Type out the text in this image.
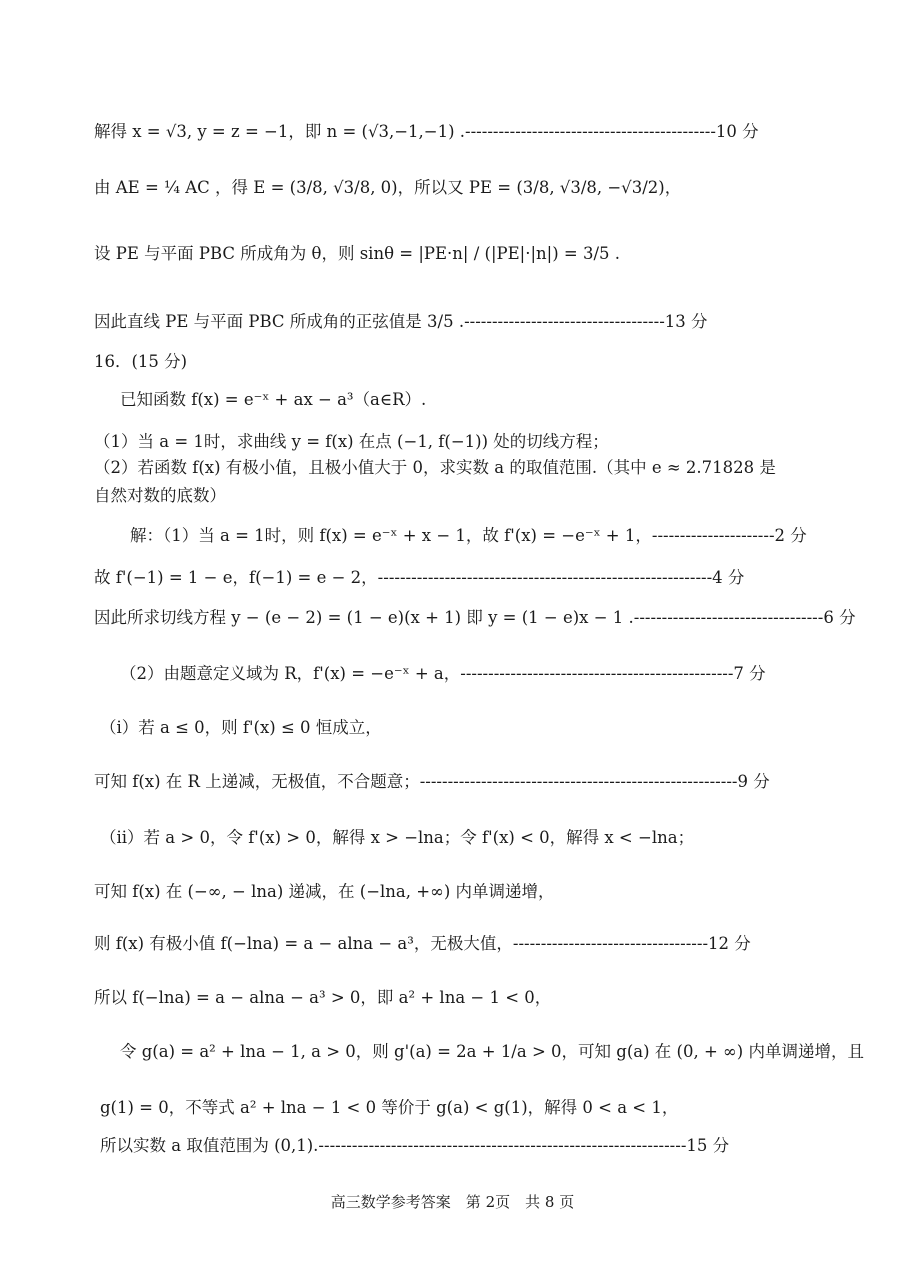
解得 x = √3, y = z = −1，即 n = (√3,−1,−1) .---------------------------------------------10 分
由 AE = ¹⁄₄ AC ，得 E = (3/8, √3/8, 0)，所以又 PE = (3/8, √3/8, −√3/2)，
设 PE 与平面 PBC 所成角为 θ，则 sinθ = |PE·n| / (|PE|·|n|) = 3/5 .
因此直线 PE 与平面 PBC 所成角的正弦值是 3/5 .------------------------------------13 分
16．(15 分)
已知函数 f(x) = e⁻ˣ + ax − a³（a∈R）.
（1）当 a = 1时，求曲线 y = f(x) 在点 (−1, f(−1)) 处的切线方程；
（2）若函数 f(x) 有极小值，且极小值大于 0，求实数 a 的取值范围.（其中 e ≈ 2.71828 是
自然对数的底数）
解：（1）当 a = 1时，则 f(x) = e⁻ˣ + x − 1，故 f'(x) = −e⁻ˣ + 1，----------------------2 分
故 f'(−1) = 1 − e，f(−1) = e − 2，------------------------------------------------------------4 分
因此所求切线方程 y − (e − 2) = (1 − e)(x + 1) 即 y = (1 − e)x − 1 .----------------------------------6 分
（2）由题意定义域为 R，f'(x) = −e⁻ˣ + a，-------------------------------------------------7 分
（i）若 a ≤ 0，则 f'(x) ≤ 0 恒成立，
可知 f(x) 在 R 上递减，无极值，不合题意；---------------------------------------------------------9 分
（ii）若 a > 0，令 f'(x) > 0，解得 x > −lna；令 f'(x) < 0，解得 x < −lna；
可知 f(x) 在 (−∞, − lna) 递减，在 (−lna, +∞) 内单调递增，
则 f(x) 有极小值 f(−lna) = a − alna − a³，无极大值，-----------------------------------12 分
所以 f(−lna) = a − alna − a³ > 0，即 a² + lna − 1 < 0，
令 g(a) = a² + lna − 1, a > 0，则 g'(a) = 2a + 1/a > 0，可知 g(a) 在 (0, + ∞) 内单调递增，且
g(1) = 0，不等式 a² + lna − 1 < 0 等价于 g(a) < g(1)，解得 0 < a < 1，
所以实数 a 取值范围为 (0,1).------------------------------------------------------------------15 分
高三数学参考答案　第 2页　共 8 页
